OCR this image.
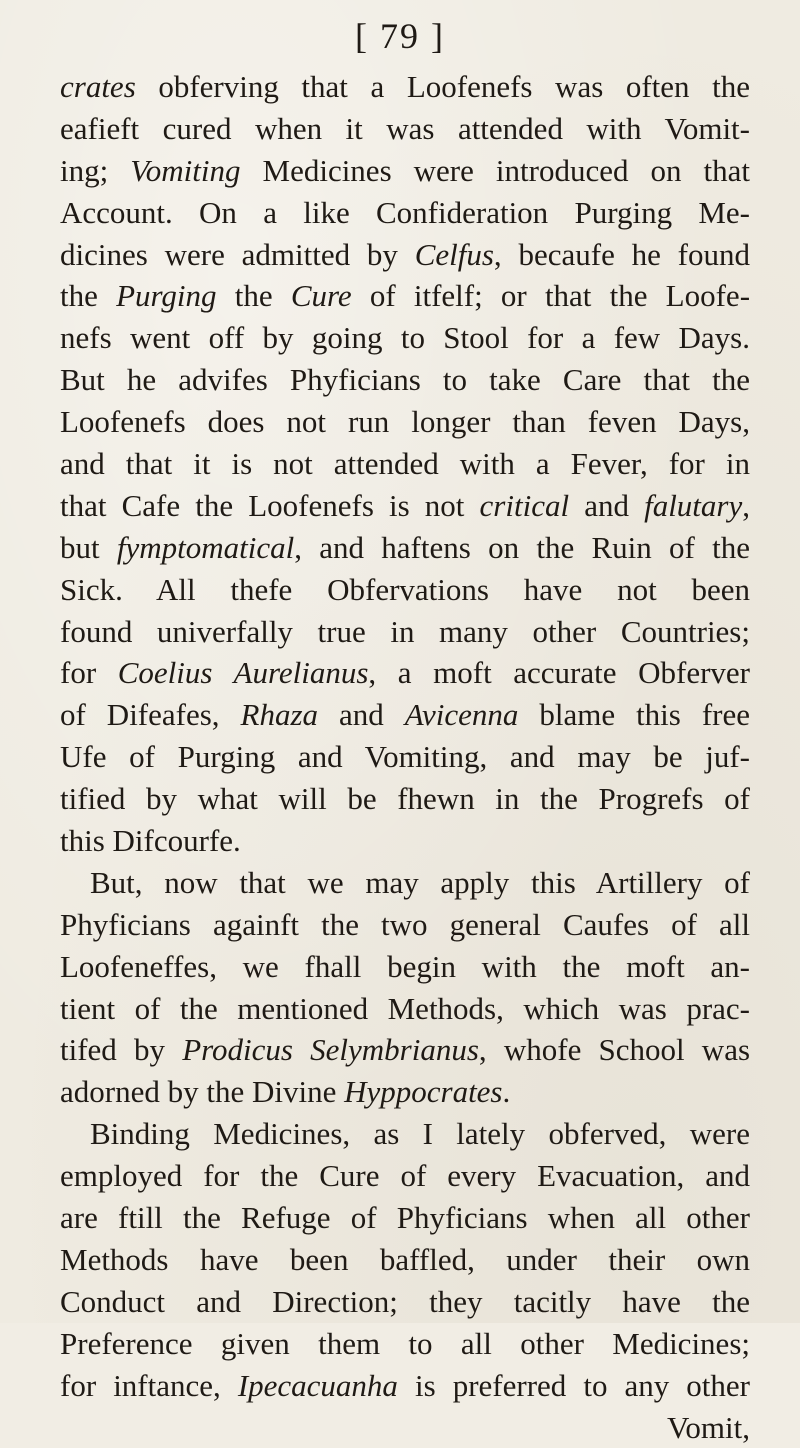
[ 79 ]
crates obferving that a Loofenefs was often the
eafieft cured when it was attended with Vomit-
ing; Vomiting Medicines were introduced on that
Account. On a like Confideration Purging Me-
dicines were admitted by Celfus, becaufe he found
the Purging the Cure of itfelf; or that the Loofe-
nefs went off by going to Stool for a few Days.
But he advifes Phyficians to take Care that the
Loofenefs does not run longer than feven Days,
and that it is not attended with a Fever, for in
that Cafe the Loofenefs is not critical and falutary,
but fymptomatical, and haftens on the Ruin of the
Sick. All thefe Obfervations have not been
found univerfally true in many other Countries;
for Coelius Aurelianus, a moft accurate Obferver
of Difeafes, Rhaza and Avicenna blame this free
Ufe of Purging and Vomiting, and may be juf-
tified by what will be fhewn in the Progrefs of
this Difcourfe.
But, now that we may apply this Artillery of
Phyficians againft the two general Caufes of all
Loofeneffes, we fhall begin with the moft an-
tient of the mentioned Methods, which was prac-
tifed by Prodicus Selymbrianus, whofe School was
adorned by the Divine Hyppocrates.
Binding Medicines, as I lately obferved, were
employed for the Cure of every Evacuation, and
are ftill the Refuge of Phyficians when all other
Methods have been baffled, under their own
Conduct and Direction; they tacitly have the
Preference given them to all other Medicines;
for inftance, Ipecacuanha is preferred to any other
Vomit,
